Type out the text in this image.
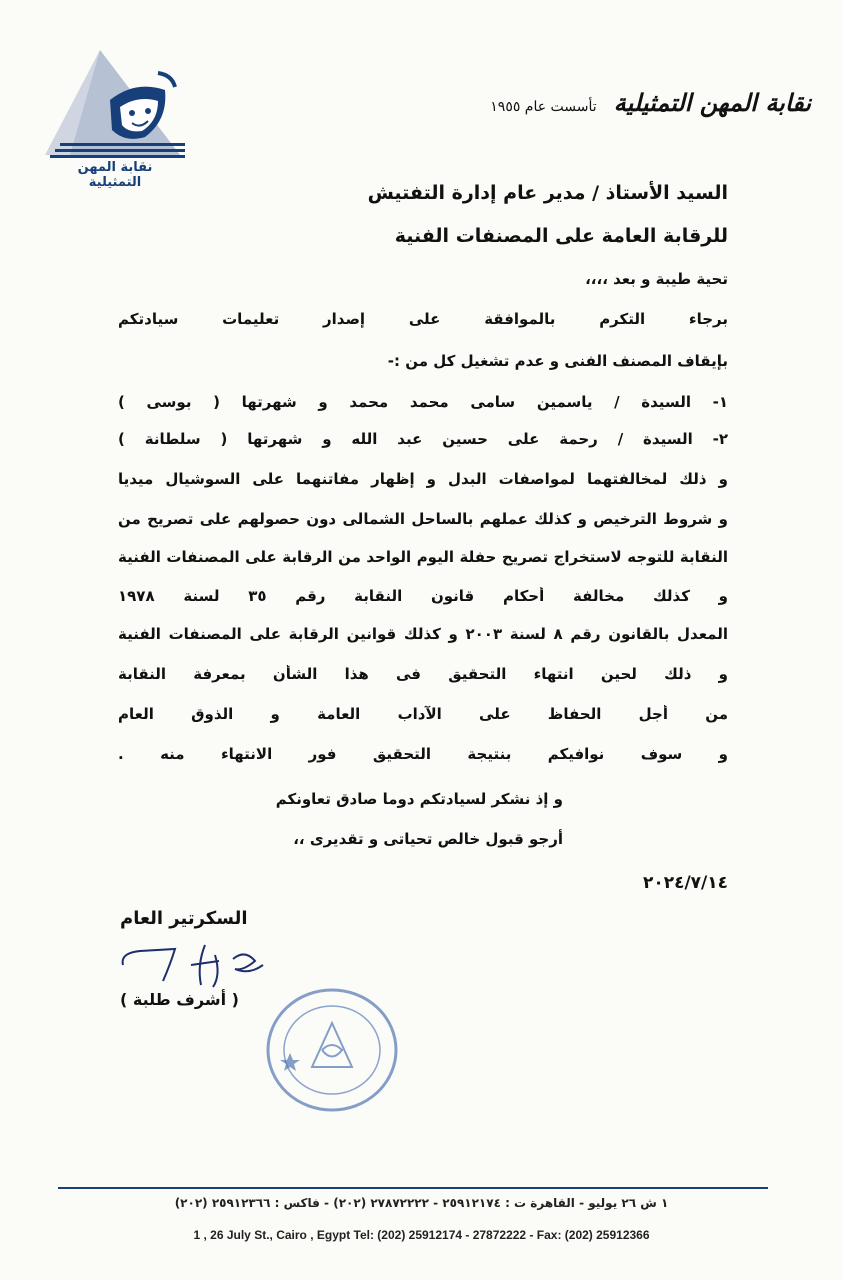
نقابة المهن التمثيلية
نقابة المهن التمثيلية تأسست عام ١٩٥٥
السيد الأستاذ / مدير عام إدارة التفتيش
للرقابة العامة على المصنفات الفنية
تحية طيبة و بعد ،،،،
برجاء التكرم بالموافقة على إصدار تعليمات سيادتكم
بإيقاف المصنف الفنى و عدم تشغيل كل من :-
١- السيدة / ياسمين سامى محمد محمد و شهرتها ( بوسى )
٢- السيدة / رحمة على حسين عبد الله و شهرتها ( سلطانة )
و ذلك لمخالفتهما لمواصفات البدل و إظهار مفاتنهما على السوشيال ميديا
و شروط الترخيص و كذلك عملهم بالساحل الشمالى دون حصولهم على تصريح من
النقابة للتوجه لاستخراج تصريح حفلة اليوم الواحد من الرقابة على المصنفات الفنية
و كذلك مخالفة أحكام قانون النقابة رقم ٣٥ لسنة ١٩٧٨
المعدل بالقانون رقم ٨ لسنة ٢٠٠٣ و كذلك قوانين الرقابة على المصنفات الفنية
و ذلك لحين انتهاء التحقيق فى هذا الشأن بمعرفة النقابة
من أجل الحفاظ على الآداب العامة و الذوق العام
و سوف نوافيكم بنتيجة التحقيق فور الانتهاء منه .
و إذ نشكر لسيادتكم دوما صادق تعاونكم
أرجو قبول خالص تحياتى و تقديرى ،،
٢٠٢٤/٧/١٤
السكرتير العام
( أشرف طلبة )
١ ش ٢٦ يوليو - القاهرة ت : ٢٥٩١٢١٧٤ - ٢٧٨٧٢٢٢٢ (٢٠٢) - فاكس : ٢٥٩١٢٣٦٦ (٢٠٢)
1 , 26 July St., Cairo , Egypt Tel: (202) 25912174 - 27872222 - Fax: (202) 25912366
